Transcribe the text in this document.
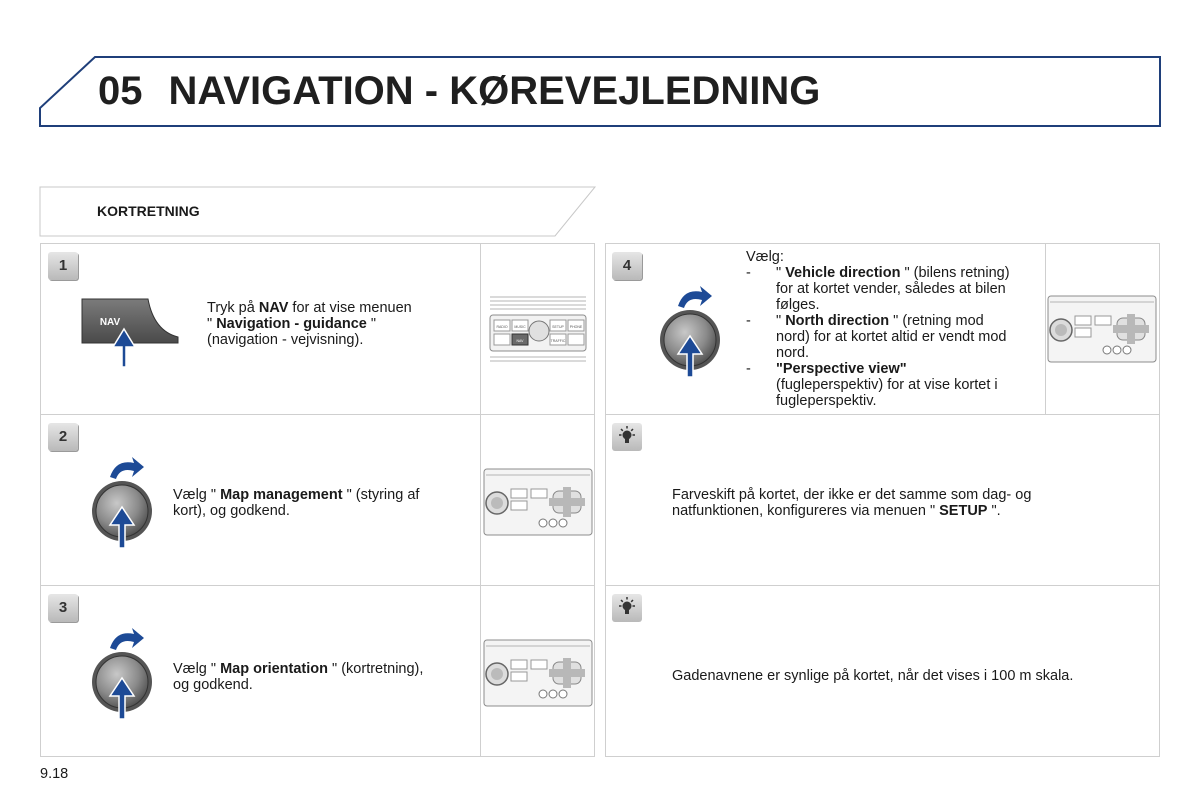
05 NAVIGATION - KØREVEJLEDNING
KORTRETNING
1
2
3
4
NAV	RADIO MUSIC	SETUP PHONE
NAV	TRAFFIC
Tryk på NAV for at vise menuen
" Navigation - guidance "
(navigation - vejvisning).
Vælg " Map management " (styring af
kort), og godkend.
Vælg " Map orientation " (kortretning),
og godkend.
Vælg:
- " Vehicle direction " (bilens retning)
for at kortet vender, således at bilen
følges.
- " North direction " (retning mod
nord) for at kortet altid er vendt mod
nord.
- "Perspective view"
(fugleperspektiv) for at vise kortet i
fugleperspektiv.
Farveskift på kortet, der ikke er det samme som dag- og
natfunktionen, konfigureres via menuen " SETUP ".
Gadenavnene er synlige på kortet, når det vises i 100 m skala.
9.18
